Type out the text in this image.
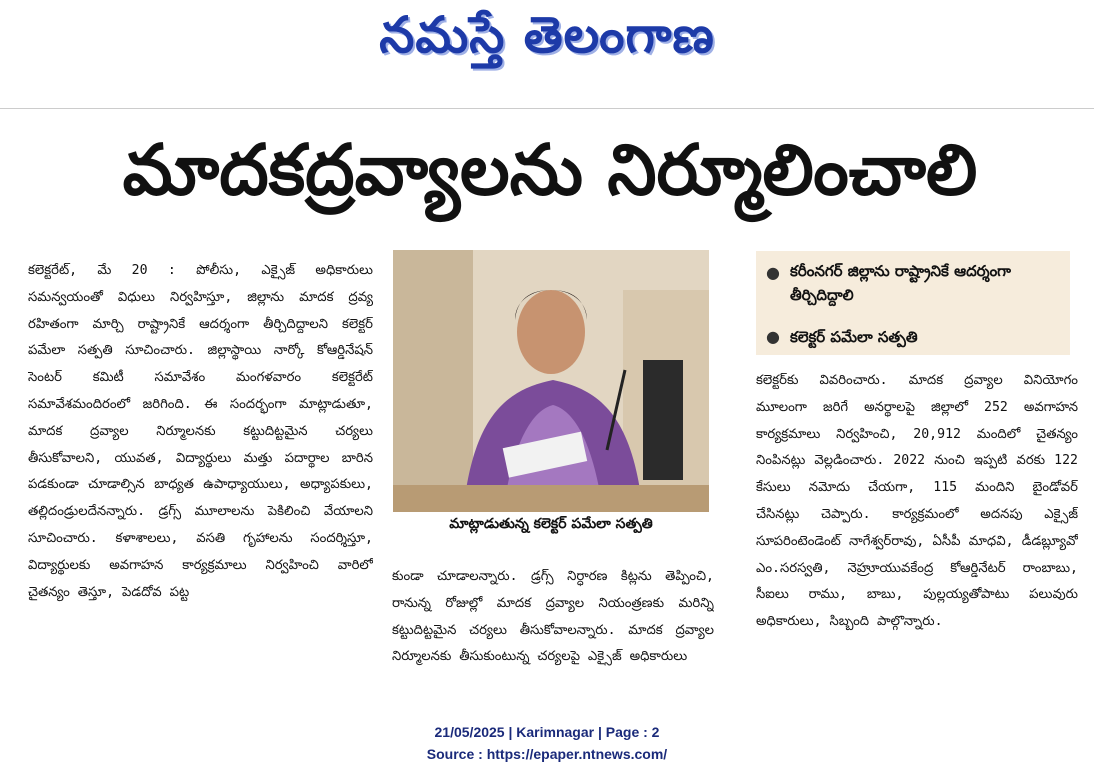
నమస్తే తెలంగాణ
మాదకద్రవ్యాలను నిర్మూలించాలి
కలెక్టరేట్, మే 20 : పోలీసు, ఎక్సైజ్ అధికారులు సమన్వయంతో విధులు నిర్వహిస్తూ, జిల్లాను మాదక ద్రవ్య రహితంగా మార్చి రాష్ట్రానికే ఆదర్శంగా తీర్చిదిద్దాలని కలెక్టర్ పమేలా సత్పతి సూచించారు. జిల్లాస్థాయి నార్కో కోఆర్డినేషన్ సెంటర్ కమిటీ సమావేశం మంగళవారం కలెక్టరేట్ సమావేశమందిరంలో జరిగింది. ఈ సందర్భంగా మాట్లాడుతూ, మాదక ద్రవ్యాల నిర్మూలనకు కట్టుదిట్టమైన చర్యలు తీసుకోవాలని, యువత, విద్యార్థులు మత్తు పదార్థాల బారిన పడకుండా చూడాల్సిన బాధ్యత ఉపాధ్యాయులు, అధ్యాపకులు, తల్లిదండ్రులదేనన్నారు. డ్రగ్స్ మూలాలను పెకిలించి వేయాలని సూచించారు. కళాశాలలు, వసతి గృహాలను సందర్శిస్తూ, విద్యార్థులకు అవగాహన కార్యక్రమాలు నిర్వహించి వారిలో చైతన్యం తెస్తూ, పెడదోవ పట్ట
మాట్లాడుతున్న కలెక్టర్ పమేలా సత్పతి
కుండా చూడాలన్నారు. డ్రగ్స్ నిర్ధారణ కిట్లను తెప్పించి, రానున్న రోజుల్లో మాదక ద్రవ్యాల నియంత్రణకు మరిన్ని కట్టుదిట్టమైన చర్యలు తీసుకోవాలన్నారు. మాదక ద్రవ్యాల నిర్మూలనకు తీసుకుంటున్న చర్యలపై ఎక్సైజ్ అధికారులు
● కరీంనగర్ జిల్లాను రాష్ట్రానికే ఆదర్శంగా తీర్చిదిద్దాలి
● కలెక్టర్ పమేలా సత్పతి
కలెక్టర్‌కు వివరించారు. మాదక ద్రవ్యాల వినియోగం మూలంగా జరిగే అనర్థాలపై జిల్లాలో 252 అవగాహన కార్యక్రమాలు నిర్వహించి, 20,912 మందిలో చైతన్యం నింపినట్లు వెల్లడించారు. 2022 నుంచి ఇప్పటి వరకు 122 కేసులు నమోదు చేయగా, 115 మందిని బైండోవర్ చేసినట్లు చెప్పారు. కార్యక్రమంలో అదనపు ఎక్సైజ్ సూపరింటెండెంట్ నాగేశ్వర్‌రావు, ఏసీపీ మాధవి, డీడబ్ల్యూవో ఎం.సరస్వతి, నెహ్రూయువకేంద్ర కోఆర్డినేటర్ రాంబాబు, సీఐలు రాము, బాబు, పుల్లయ్యతోపాటు పలువురు అధికారులు, సిబ్బంది పాల్గొన్నారు.
21/05/2025 | Karimnagar | Page : 2
Source : https://epaper.ntnews.com/
